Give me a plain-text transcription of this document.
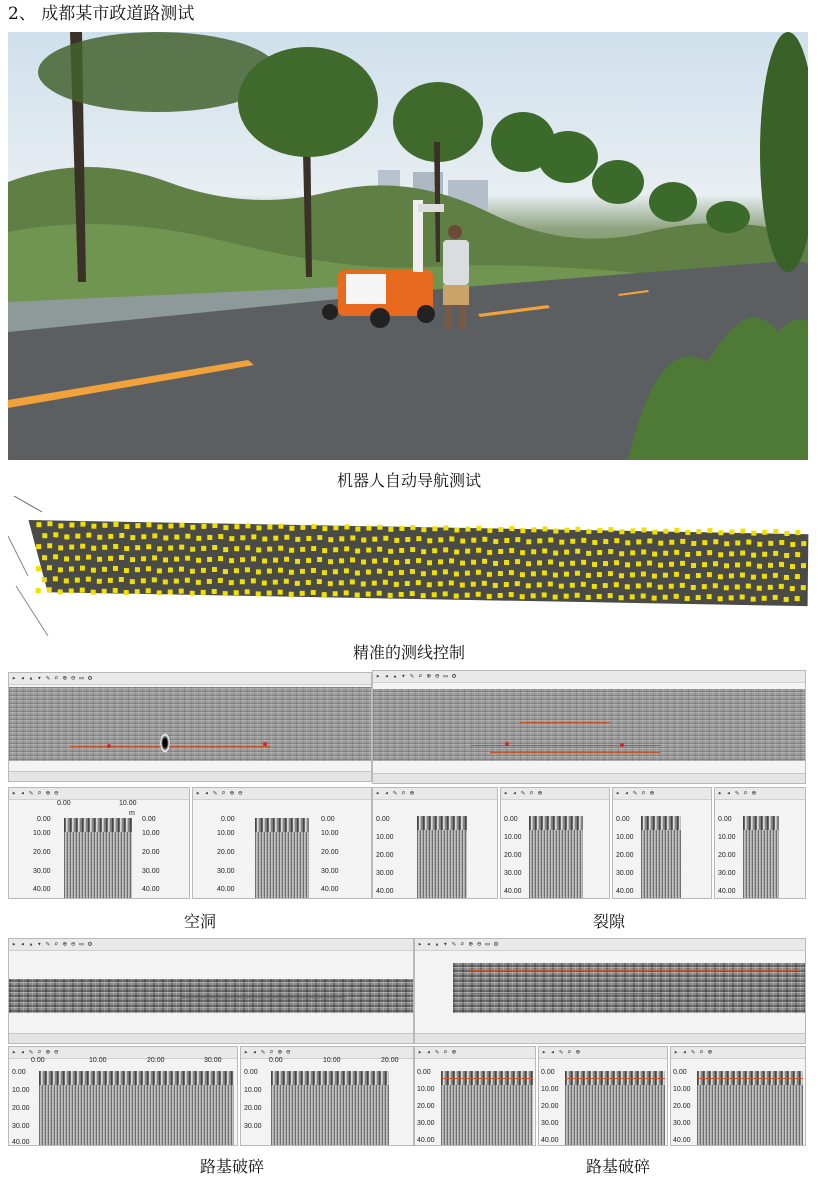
2、 成都某市政道路测试
机器人自动导航测试
精准的测线控制
▸ ◂ ▴ ▾ ✎ ⌕ ⊕ ⊖ ▭ ⚙
▸ ◂ ✎ ⌕ ⊕ ⊖
0.00	10.00
0.00
10.00
20.00
30.00
40.00
0.00
10.00
20.00
30.00
40.00
m
▸ ◂ ✎ ⌕ ⊕ ⊖
0.00
10.00
20.00
30.00
40.00
0.00
10.00
20.00
30.00
40.00
空洞
▸ ◂ ▴ ▾ ✎ ⌕ ⊕ ⊖ ▭ ⚙
▸ ◂ ✎ ⌕ ⊕
0.00
10.00
20.00
30.00
40.00
▸ ◂ ✎ ⌕ ⊕
0.00
10.00
20.00
30.00
40.00
▸ ◂ ✎ ⌕ ⊕
0.00
10.00
20.00
30.00
40.00
▸ ◂ ✎ ⌕ ⊕
0.00
10.00
20.00
30.00
40.00
裂隙
▸ ◂ ▴ ▾ ✎ ⌕ ⊕ ⊖ ▭ ⚙
▸ ◂ ✎ ⌕ ⊕ ⊖
0.00	10.00	20.00	30.00
0.00
10.00
20.00
30.00
40.00
▸ ◂ ✎ ⌕ ⊕ ⊖
0.00	10.00	20.00
0.00
10.00
20.00
30.00
路基破碎
▸ ◂ ▴ ▾ ✎ ⌕ ⊕ ⊖ ▭ ⚙
▸ ◂ ✎ ⌕ ⊕
0.00
10.00
20.00
30.00
40.00
▸ ◂ ✎ ⌕ ⊕
0.00
10.00
20.00
30.00
40.00
▸ ◂ ✎ ⌕ ⊕
0.00
10.00
20.00
30.00
40.00
路基破碎
